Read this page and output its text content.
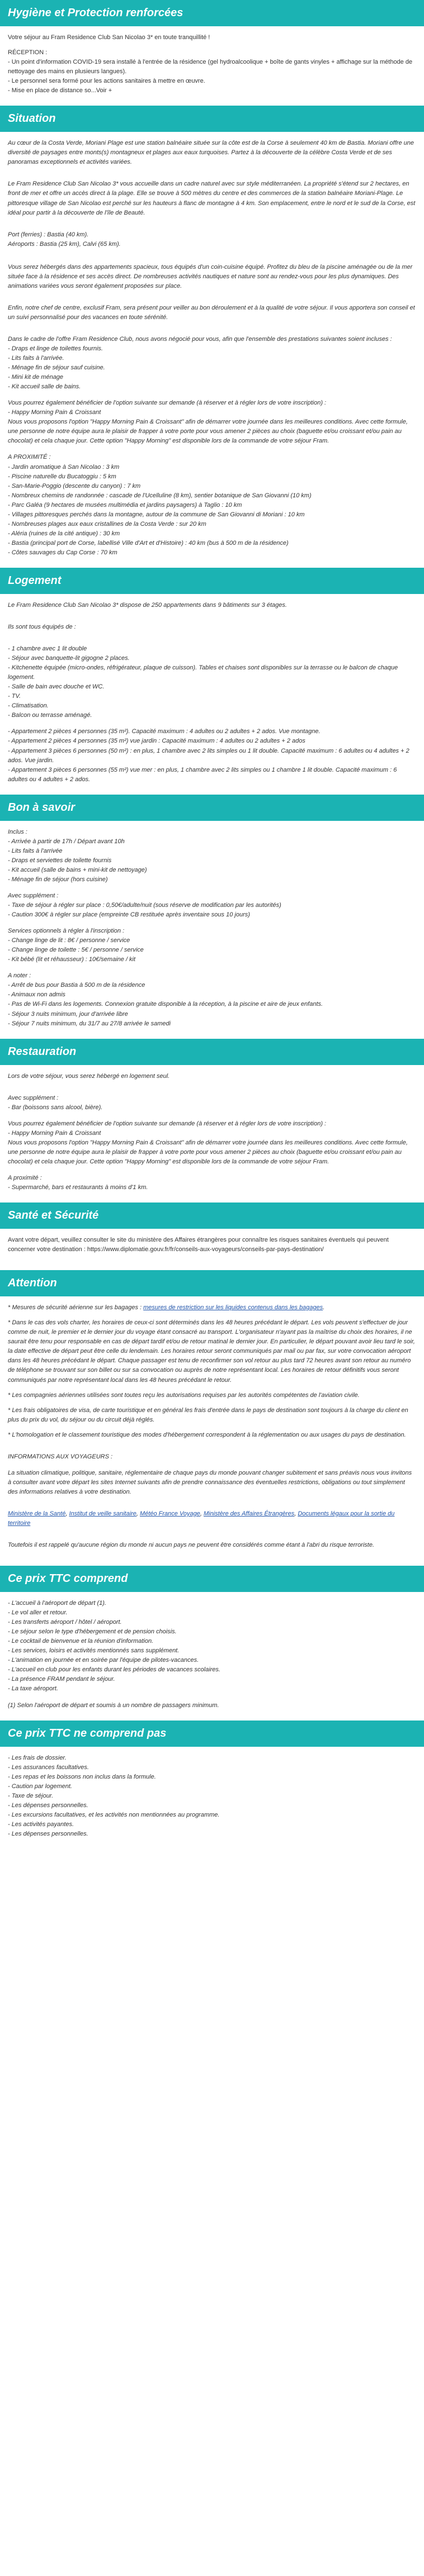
Hygiène et Protection renforcées

Votre séjour au Fram Residence Club San Nicolao 3* en toute tranquillité !

RÉCEPTION :
- Un point d'information COVID-19 sera installé à l'entrée de la résidence (gel hydroalcoolique + boîte de gants vinyles + affichage sur la méthode de nettoyage des mains en plusieurs langues).
- Le personnel sera formé pour les actions sanitaires à mettre en œuvre.
- Mise en place de distance so...Voir +
Situation

Au cœur de la Costa Verde, Moriani Plage est une station balnéaire située sur la côte est de la Corse à seulement 40 km de Bastia. Moriani offre une diversité de paysages entre monts(s) montagneux et plages aux eaux turquoises. Partez à la découverte de la célèbre Costa Verde et de ses panoramas exceptionnels et activités variées.

Le Fram Residence Club San Nicolao 3* vous accueille dans un cadre naturel avec sur style méditerranéen. La propriété s'étend sur 2 hectares, en front de mer et offre un accès direct à la plage. Elle se trouve à 500 mètres du centre et des commerces de la station balnéaire Moriani-Plage. Le pittoresque village de San Nicolao est perché sur les hauteurs à flanc de montagne à 4 km. Son emplacement, entre le nord et le sud de la Corse, est idéal pour partir à la découverte de l'île de Beauté.

Port (ferries) : Bastia (40 km).
Aéroports : Bastia (25 km), Calvi (65 km).

Vous serez hébergés dans des appartements spacieux, tous équipés d'un coin-cuisine équipé. Profitez du bleu de la piscine aménagée ou de la mer située face à la résidence et ses accès direct. De nombreuses activités nautiques et nature sont au rendez-vous pour les plus dynamiques. Des animations variées vous seront également proposées sur place.

Enfin, notre chef de centre, exclusif Fram, sera présent pour veiller au bon déroulement et à la qualité de votre séjour. Il vous apportera son conseil et un suivi personnalisé pour des vacances en toute sérénité.

Dans le cadre de l'offre Fram Residence Club, nous avons négocié pour vous, afin que l'ensemble des prestations suivantes soient incluses :
- Draps et linge de toilettes fournis.
- Lits faits à l'arrivée.
- Ménage fin de séjour sauf cuisine.
- Mini kit de ménage
- Kit accueil salle de bains.
Vous pourrez également bénéficier de l'option suivante sur demande (à réserver et à régler lors de votre inscription) :
- Happy Morning Pain & Croissant
Nous vous proposons l'option "Happy Morning Pain & Croissant" afin de démarrer votre journée dans les meilleures conditions. Avec cette formule, une personne de notre équipe aura le plaisir de frapper à votre porte pour vous amener 2 pièces au choix (baguette et/ou croissant et/ou pain au chocolat) et cela chaque jour. Cette option "Happy Morning" est disponible lors de la commande de votre séjour Fram.
A PROXIMITÉ :
- Jardin aromatique à San Nicolao : 3 km
- Piscine naturelle du Bucatoggiu : 5 km
- San-Marie-Poggio (descente du canyon) : 7 km
- Nombreux chemins de randonnée : cascade de l'Ucelluline (8 km), sentier botanique de San Giovanni (10 km)
- Parc Galéa (9 hectares de musées multimédia et jardins paysagers) à Taglio : 10 km
- Villages pittoresques perchés dans la montagne, autour de la commune de San Giovanni di Moriani : 10 km
- Nombreuses plages aux eaux cristallines de la Costa Verde : sur 20 km
- Aléria (ruines de la cité antique) : 30 km
- Bastia (principal port de Corse, labellisé Ville d'Art et d'Histoire) : 40 km (bus à 500 m de la résidence)
- Côtes sauvages du Cap Corse : 70 km
Logement

Le Fram Residence Club San Nicolao 3* dispose de 250 appartements dans 9 bâtiments sur 3 étages.

Ils sont tous équipés de :

- 1 chambre avec 1 lit double
- Séjour avec banquette-lit gigogne 2 places.
- Kitchenette équipée (micro-ondes, réfrigérateur, plaque de cuisson). Tables et chaises sont disponibles sur la terrasse ou le balcon de chaque logement.
- Salle de bain avec douche et WC.
- TV.
- Climatisation.
- Balcon ou terrasse aménagé.
- Appartement 2 pièces 4 personnes (35 m²). Capacité maximum : 4 adultes ou 2 adultes + 2 ados. Vue montagne.
- Appartement 2 pièces 4 personnes (35 m²) vue jardin : Capacité maximum : 4 adultes ou 2 adultes + 2 ados
- Appartement 3 pièces 6 personnes (50 m²) : en plus, 1 chambre avec 2 lits simples ou 1 lit double. Capacité maximum : 6 adultes ou 4 adultes + 2 ados. Vue jardin.
- Appartement 3 pièces 6 personnes (55 m²) vue mer : en plus, 1 chambre avec 2 lits simples ou 1 chambre 1 lit double. Capacité maximum : 6 adultes ou 4 adultes + 2 ados.
Bon à savoir
Inclus :
- Arrivée à partir de 17h / Départ avant 10h
- Lits faits à l'arrivée
- Draps et serviettes de toilette fournis
- Kit accueil (salle de bains + mini-kit de nettoyage)
- Ménage fin de séjour (hors cuisine)
Avec supplément :
- Taxe de séjour à régler sur place : 0,50€/adulte/nuit (sous réserve de modification par les autorités)
- Caution 300€ à régler sur place (empreinte CB restituée après inventaire sous 10 jours)
Services optionnels à régler à l'inscription :
- Change linge de lit : 8€ / personne / service
- Change linge de toilette : 5€ / personne / service
- Kit bébé (lit et réhausseur) : 10€/semaine / kit
A noter :
- Arrêt de bus pour Bastia à 500 m de la résidence
- Animaux non admis
- Pas de Wi-Fi dans les logements. Connexion gratuite disponible à la réception, à la piscine et aire de jeux enfants.
- Séjour 3 nuits minimum, jour d'arrivée libre
- Séjour 7 nuits minimum, du 31/7 au 27/8 arrivée le samedi
Restauration

Lors de votre séjour, vous serez hébergé en logement seul.

Avec supplément :
- Bar (boissons sans alcool, bière).
Vous pourrez également bénéficier de l'option suivante sur demande (à réserver et à régler lors de votre inscription) :
- Happy Morning Pain & Croissant
Nous vous proposons l'option "Happy Morning Pain & Croissant" afin de démarrer votre journée dans les meilleures conditions. Avec cette formule, une personne de notre équipe aura le plaisir de frapper à votre porte pour vous amener 2 pièces au choix (baguette et/ou croissant et/ou pain au chocolat) et cela chaque jour. Cette option "Happy Morning" est disponible lors de la commande de votre séjour Fram.
A proximité :
- Supermarché, bars et restaurants à moins d'1 km.
Santé et Sécurité

Avant votre départ, veuillez consulter le site du ministère des Affaires étrangères pour connaître les risques sanitaires éventuels qui peuvent concerner votre destination : https://www.diplomatie.gouv.fr/fr/conseils-aux-voyageurs/conseils-par-pays-destination/

Attention

* Mesures de sécurité aérienne sur les bagages : mesures de restriction sur les liquides contenus dans les bagages.

* Dans le cas des vols charter, les horaires de ceux-ci sont déterminés dans les 48 heures précédant le départ. Les vols peuvent s'effectuer de jour comme de nuit, le premier et le dernier jour du voyage étant consacré au transport. L'organisateur n'ayant pas la maîtrise du choix des horaires, il ne saurait être tenu pour responsable en cas de départ tardif et/ou de retour matinal le dernier jour. En particulier, le départ pouvant avoir lieu tard le soir, la date effective de départ peut être celle du lendemain. Les horaires retour seront communiqués par mail ou par fax, sur votre convocation aéroport dans les 48 heures précédant le départ. Chaque passager est tenu de reconfirmer son vol retour au plus tard 72 heures avant son retour au numéro de téléphone se trouvant sur son billet ou sur sa convocation ou auprès de notre représentant local. Les horaires de retour définitifs vous seront communiqués par notre représentant local dans les 48 heures précédant le retour.

* Les compagnies aériennes utilisées sont toutes reçu les autorisations requises par les autorités compétentes de l'aviation civile.

* Les frais obligatoires de visa, de carte touristique et en général les frais d'entrée dans le pays de destination sont toujours à la charge du client en plus du prix du vol, du séjour ou du circuit déjà réglés.

* L'homologation et le classement touristique des modes d'hébergement correspondent à la réglementation ou aux usages du pays de destination.

INFORMATIONS AUX VOYAGEURS :

La situation climatique, politique, sanitaire, réglementaire de chaque pays du monde pouvant changer subitement et sans préavis nous vous invitons à consulter avant votre départ les sites Internet suivants afin de prendre connaissance des éventuelles restrictions, obligations ou tout simplement des informations relatives à votre destination.

Ministère de la Santé, Institut de veille sanitaire, Météo France Voyage, Ministère des Affaires Étrangères, Documents légaux pour la sortie du territoire

Toutefois il est rappelé qu'aucune région du monde ni aucun pays ne peuvent être considérés comme étant à l'abri du risque terroriste.

Ce prix TTC comprend
- L'accueil à l'aéroport de départ (1).
- Le vol aller et retour.
- Les transferts aéroport / hôtel / aéroport.
- Le séjour selon le type d'hébergement et de pension choisis.
- Le cocktail de bienvenue et la réunion d'information.
- Les services, loisirs et activités mentionnés sans supplément.
- L'animation en journée et en soirée par l'équipe de pilotes-vacances.
- L'accueil en club pour les enfants durant les périodes de vacances scolaires.
- La présence FRAM pendant le séjour.
- La taxe aéroport.
(1) Selon l'aéroport de départ et soumis à un nombre de passagers minimum.
Ce prix TTC ne comprend pas
- Les frais de dossier.
- Les assurances facultatives.
- Les repas et les boissons non inclus dans la formule.
- Caution par logement.
- Taxe de séjour.
- Les dépenses personnelles.
- Les excursions facultatives, et les activités non mentionnées au programme.
- Les activités payantes.
- Les dépenses personnelles.
